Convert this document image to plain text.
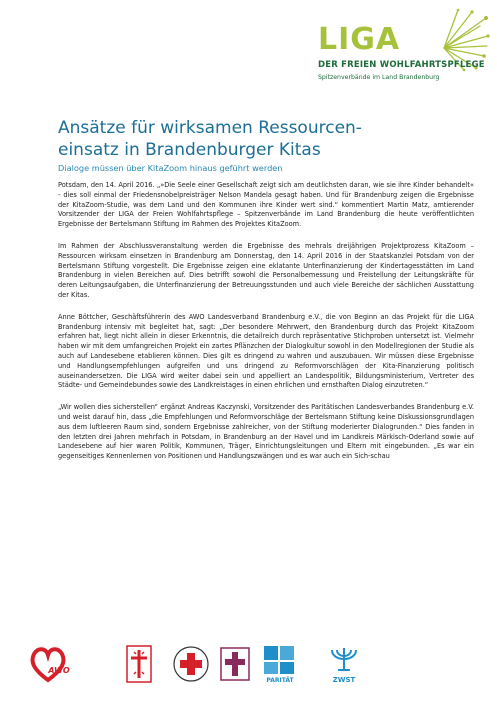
LIGA
DER FREIEN WOHLFAHRTSPFLEGE
Spitzenverbände im Land Brandenburg
Ansätze für wirksamen Ressourcen-
einsatz in Brandenburger Kitas

Dialoge müssen über KitaZoom hinaus geführt werden

Potsdam, den 14. April 2016. „»Die Seele einer Gesellschaft zeigt sich am deutlichsten daran, wie sie ihre Kinder behandelt« - dies soll einmal der Friedensnobelpreisträger Nelson Mandela gesagt haben. Und für Brandenburg zeigen die Ergebnisse der KitaZoom-Studie, was dem Land und den Kommunen ihre Kinder wert sind.“ kommentiert Martin Matz, amtierender Vorsitzender der LIGA der Freien Wohlfahrtspflege – Spitzenverbände im Land Brandenburg die heute veröffentlichten Ergebnisse der Bertelsmann Stiftung im Rahmen des Projektes KitaZoom.

Im Rahmen der Abschlussveranstaltung werden die Ergebnisse des mehrals dreijährigen Projektprozess KitaZoom – Ressourcen wirksam einsetzen in Brandenburg am Donnerstag, den 14. April 2016 in der Staatskanzlei Potsdam von der Bertelsmann Stiftung vorgestellt. Die Ergebnisse zeigen eine eklatante Unterfinanzierung der Kindertagesstätten im Land Brandenburg in vielen Bereichen auf. Dies betrifft sowohl die Personalbemessung und Freistellung der Leitungskräfte für deren Leitungsaufgaben, die Unterfinanzierung der Betreuungsstunden und auch viele Bereiche der sächlichen Ausstattung der Kitas.

Anne Böttcher, Geschäftsführerin des AWO Landesverband Brandenburg e.V., die von Beginn an das Projekt für die LIGA Brandenburg intensiv mit begleitet hat, sagt: „Der besondere Mehrwert, den Brandenburg durch das Projekt KitaZoom erfahren hat, liegt nicht allein in dieser Erkenntnis, die detailreich durch repräsentative Stichproben untersetzt ist. Vielmehr haben wir mit dem umfangreichen Projekt ein zartes Pflänzchen der Dialogkultur sowohl in den Modellregionen der Studie als auch auf Landesebene etablieren können. Dies gilt es dringend zu wahren und auszubauen. Wir müssen diese Ergebnisse und Handlungsempfehlungen aufgreifen und uns dringend zu Reformvorschlägen der Kita-Finanzierung politisch auseinandersetzen. Die LIGA wird weiter dabei sein und appelliert an Landespolitik, Bildungsministerium, Vertreter des Städte- und Gemeindebundes sowie des Landkreistages in einen ehrlichen und ernsthaften Dialog einzutreten.“

„Wir wollen dies sicherstellen“ ergänzt Andreas Kaczynski, Vorsitzender des Paritätischen Landesverbandes Brandenburg e.V. und weist darauf hin, dass „die Empfehlungen und Reformvorschläge der Bertelsmann Stiftung keine Diskussionsgrundlagen aus dem luftleeren Raum sind, sondern Ergebnisse zahlreicher, von der Stiftung moderierter Dialogrunden.“ Dies fanden in den letzten drei Jahren mehrfach in Potsdam, in Brandenburg an der Havel und im Landkreis Märkisch-Oderland sowie auf Landesebene auf hier waren Politik, Kommunen, Träger, Einrichtungsleitungen und Eltern mit eingebunden. „Es war ein gegenseitiges Kennenlernen von Positionen und Handlungszwängen und es war auch ein Sich-schau

AWO
PARITÄT	ZWST
